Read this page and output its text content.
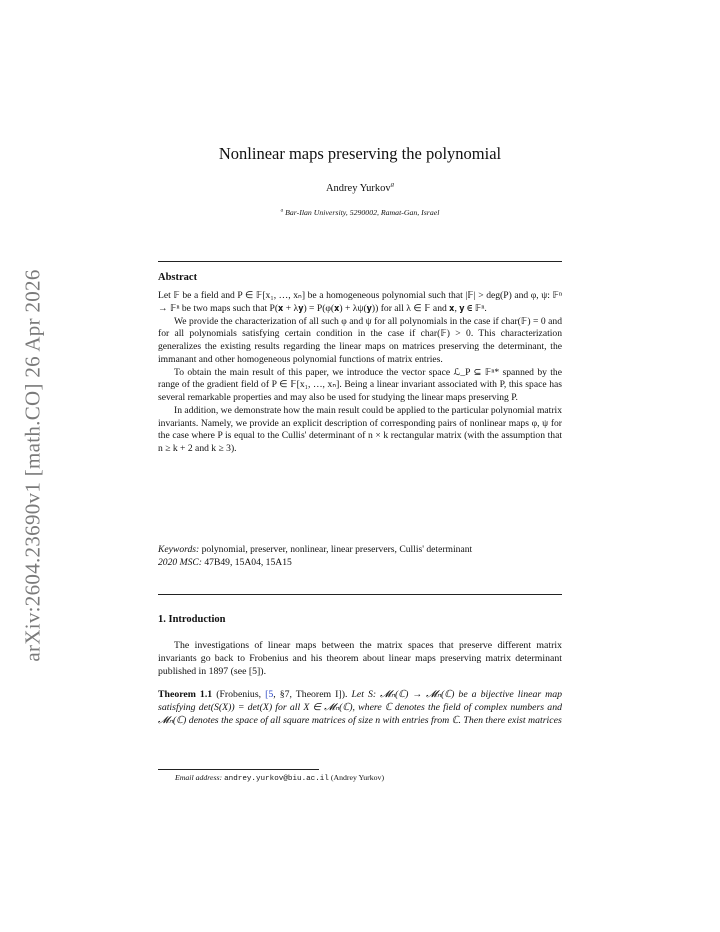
arXiv:2604.23690v1 [math.CO] 26 Apr 2026
Nonlinear maps preserving the polynomial
Andrey Yurkov$^a$
$^a$ Bar-Ilan University, 5290002, Ramat-Gan, Israel
Abstract

Let 𝔽 be a field and P ∈ 𝔽[x₁, …, xₙ] be a homogeneous polynomial such that |𝔽| > deg(P) and φ, ψ: 𝔽ⁿ → 𝔽ⁿ be two maps such that P(𝐱 + λ𝐲) = P(φ(𝐱) + λψ(𝐲)) for all λ ∈ 𝔽 and 𝐱, 𝐲 ∈ 𝔽ⁿ.

We provide the characterization of all such φ and ψ for all polynomials in the case if char(𝔽) = 0 and for all polynomials satisfying certain condition in the case if char(𝔽) > 0. This characterization generalizes the existing results regarding the linear maps on matrices preserving the determinant, the immanant and other homogeneous polynomial functions of matrix entries.

To obtain the main result of this paper, we introduce the vector space ℒ_P ⊆ 𝔽ⁿ* spanned by the range of the gradient field of P ∈ 𝔽[x₁, …, xₙ]. Being a linear invariant associated with P, this space has several remarkable properties and may also be used for studying the linear maps preserving P.

In addition, we demonstrate how the main result could be applied to the particular polynomial matrix invariants. Namely, we provide an explicit description of corresponding pairs of nonlinear maps φ, ψ for the case where P is equal to the Cullis' determinant of n × k rectangular matrix (with the assumption that n ≥ k + 2 and k ≥ 3).

Keywords: polynomial, preserver, nonlinear, linear preservers, Cullis' determinant
2020 MSC: 47B49, 15A04, 15A15
1. Introduction

The investigations of linear maps between the matrix spaces that preserve different matrix invariants go back to Frobenius and his theorem about linear maps preserving matrix determinant published in 1897 (see [5]).

Theorem 1.1 (Frobenius, [5, §7, Theorem I]). Let S: 𝓜ₙ(ℂ) → 𝓜ₙ(ℂ) be a bijective linear map satisfying det(S(X)) = det(X) for all X ∈ 𝓜ₙ(ℂ), where ℂ denotes the field of complex numbers and 𝓜ₙ(ℂ) denotes the space of all square matrices of size n with entries from ℂ. Then there exist matrices
Email address: andrey.yurkov@biu.ac.il (Andrey Yurkov)
